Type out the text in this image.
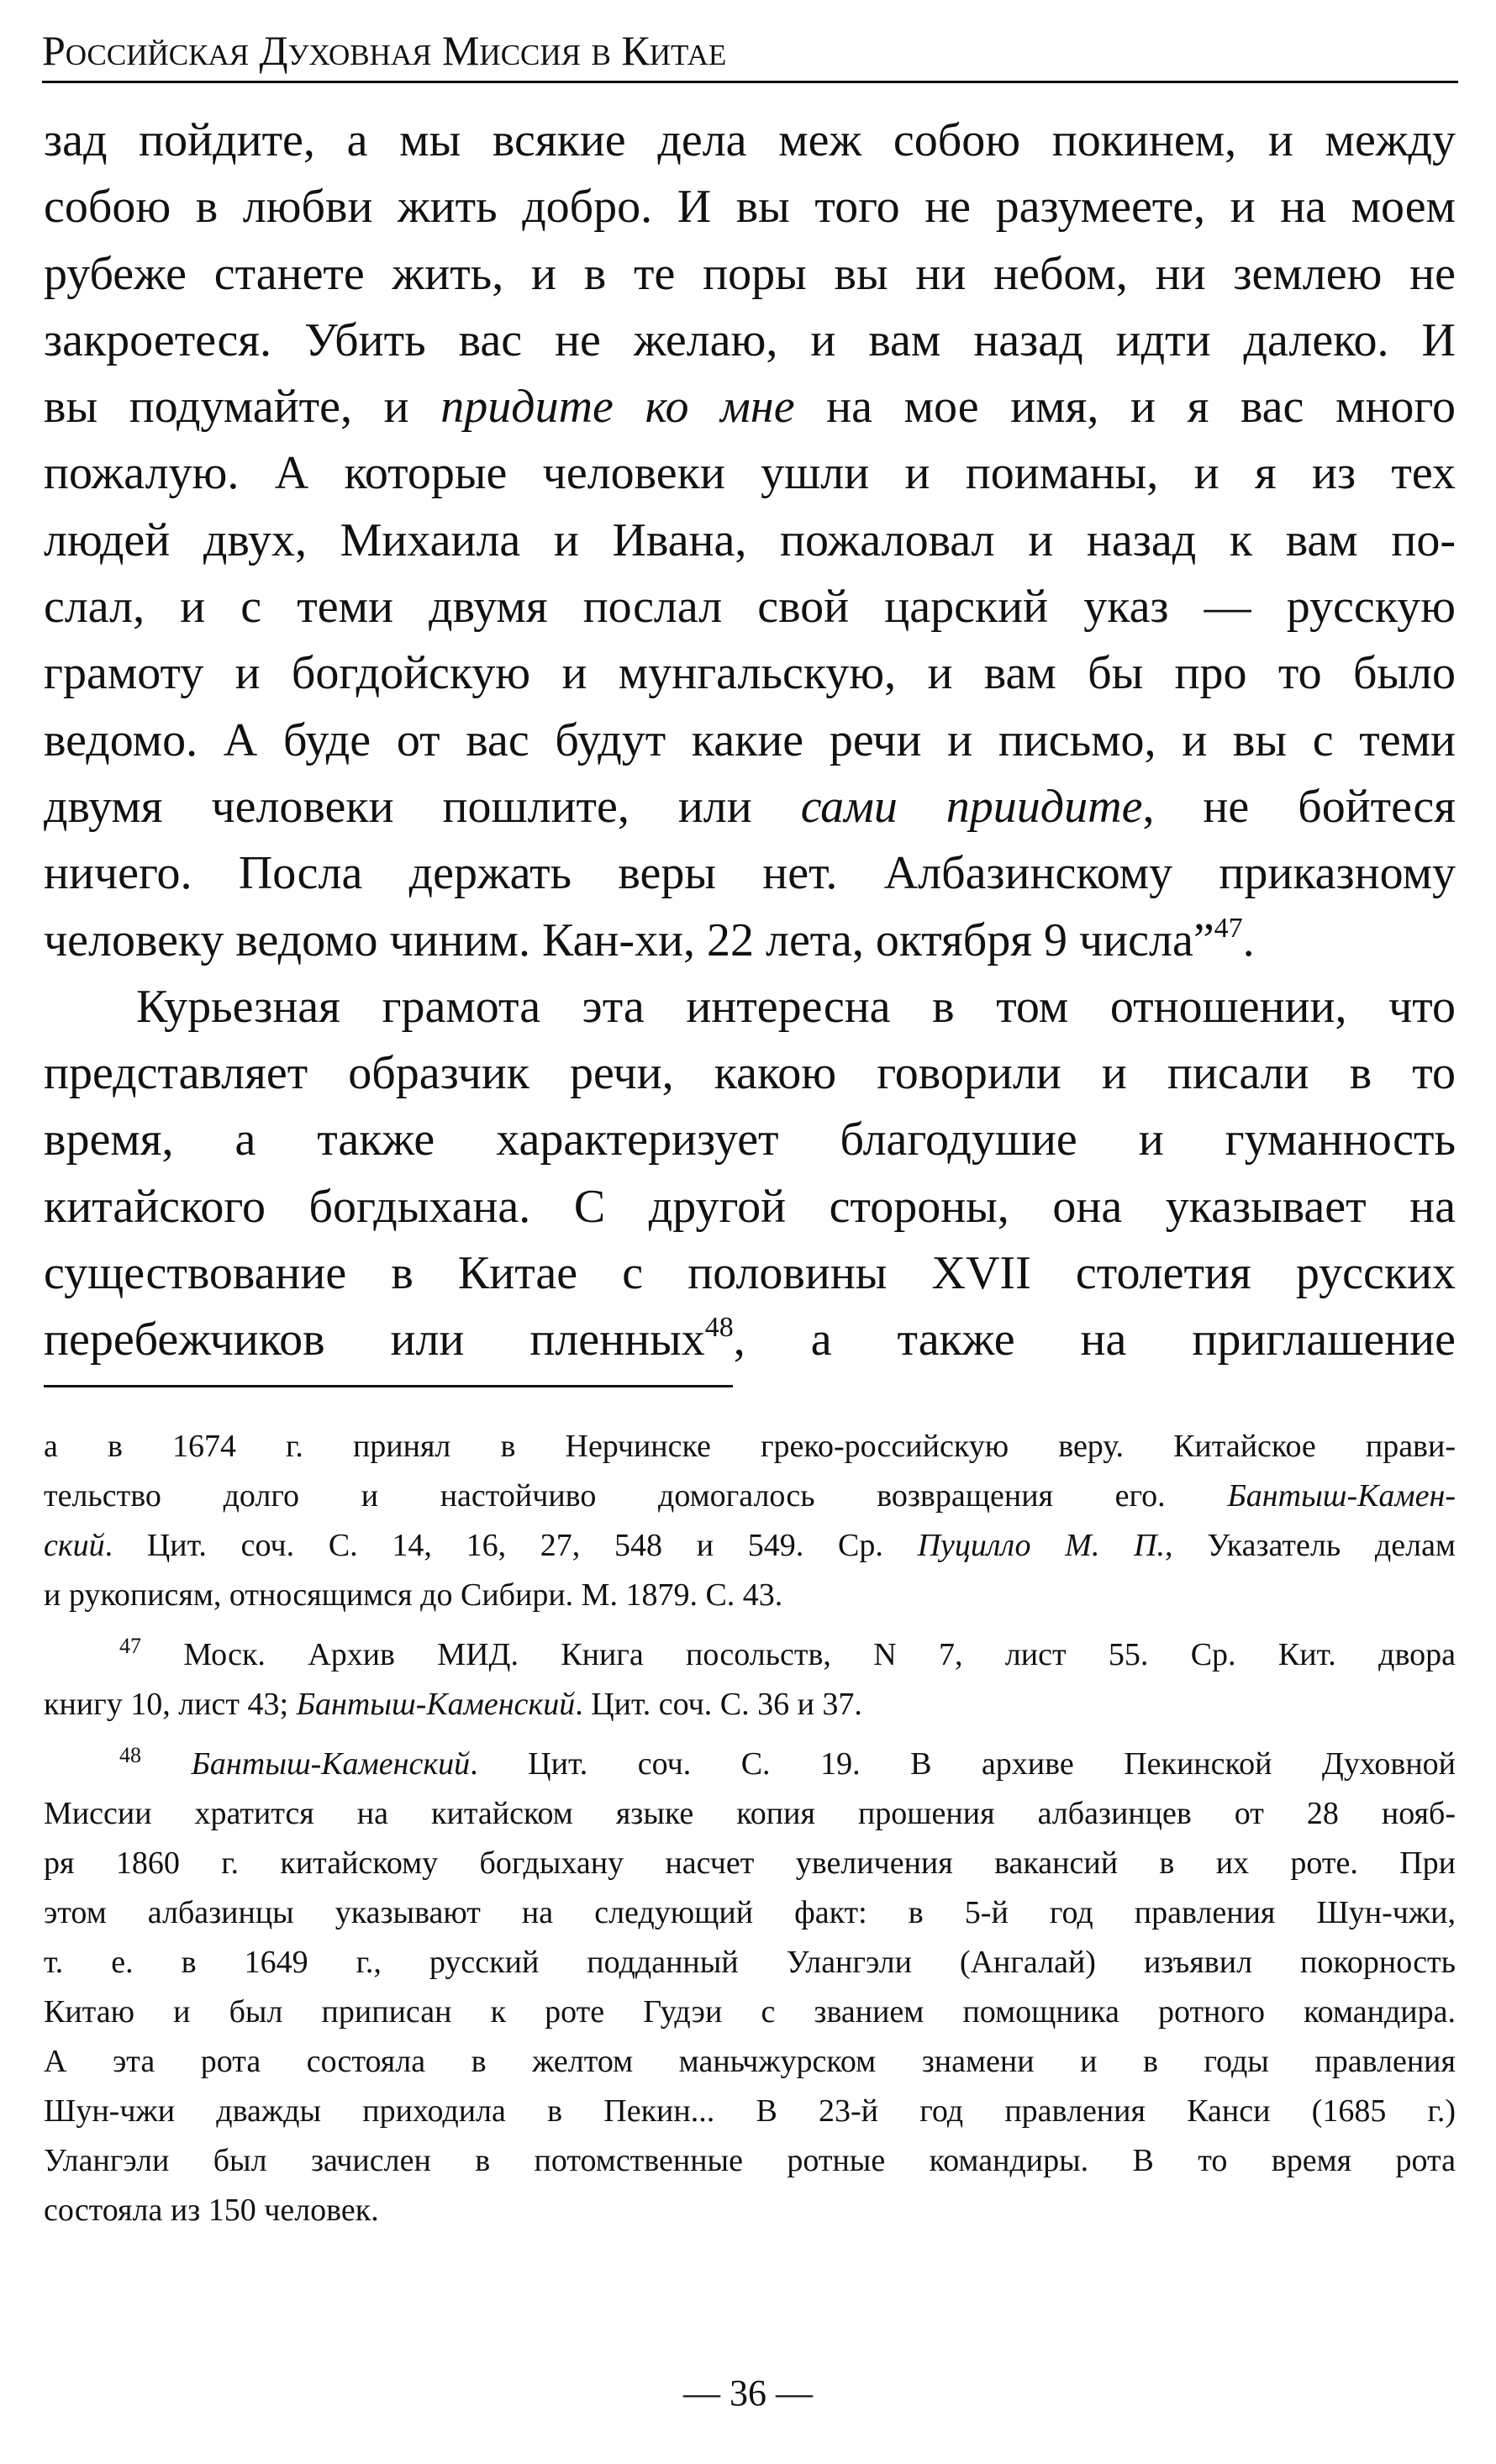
Российская Духовная Миссия в Китае
зад пойдите, а мы всякие дела меж собою покинем, и между
собою в любви жить добро. И вы того не разумеете, и на моем
рубеже станете жить, и в те поры вы ни небом, ни землею не
закроетеся. Убить вас не желаю, и вам назад идти далеко. И
вы подумайте, и придите ко мне на мое имя, и я вас много
пожалую. А которые человеки ушли и поиманы, и я из тех
людей двух, Михаила и Ивана, пожаловал и назад к вам по-
слал, и с теми двумя послал свой царский указ — русскую
грамоту и богдойскую и мунгальскую, и вам бы про то было
ведомо. А буде от вас будут какие речи и письмо, и вы с теми
двумя человеки пошлите, или сами приидите, не бойтеся
ничего. Посла держать веры нет. Албазинскому приказному
человеку ведомо чиним. Кан-хи, 22 лета, октября 9 числа”$^{47}$.
Курьезная грамота эта интересна в том отношении, что
представляет образчик речи, какою говорили и писали в то
время, а также характеризует благодушие и гуманность
китайского богдыхана. С другой стороны, она указывает на
существование в Китае с половины XVII столетия русских
перебежчиков или пленных$^{48}$, а также на приглашение
а в 1674 г. принял в Нерчинске греко-российскую веру. Китайское прави-
тельство долго и настойчиво домогалось возвращения его. Бантыш-Камен-
ский. Цит. соч. С. 14, 16, 27, 548 и 549. Ср. Пуцилло М. П., Указатель делам
и рукописям, относящимся до Сибири. М. 1879. С. 43.
$^{47}$ Моск. Архив МИД. Книга посольств, N 7, лист 55. Ср. Кит. двора
книгу 10, лист 43; Бантыш-Каменский. Цит. соч. С. 36 и 37.
$^{48}$ Бантыш-Каменский. Цит. соч. С. 19. В архиве Пекинской Духовной
Миссии хратится на китайском языке копия прошения албазинцев от 28 нояб-
ря 1860 г. китайскому богдыхану насчет увеличения вакансий в их роте. При
этом албазинцы указывают на следующий факт: в 5-й год правления Шун-чжи,
т. е. в 1649 г., русский подданный Улангэли (Ангалай) изъявил покорность
Китаю и был приписан к роте Гудэи с званием помощника ротного командира.
А эта рота состояла в желтом маньчжурском знамени и в годы правления
Шун-чжи дважды приходила в Пекин... В 23-й год правления Канси (1685 г.)
Улангэли был зачислен в потомственные ротные командиры. В то время рота
состояла из 150 человек.
— 36 —
